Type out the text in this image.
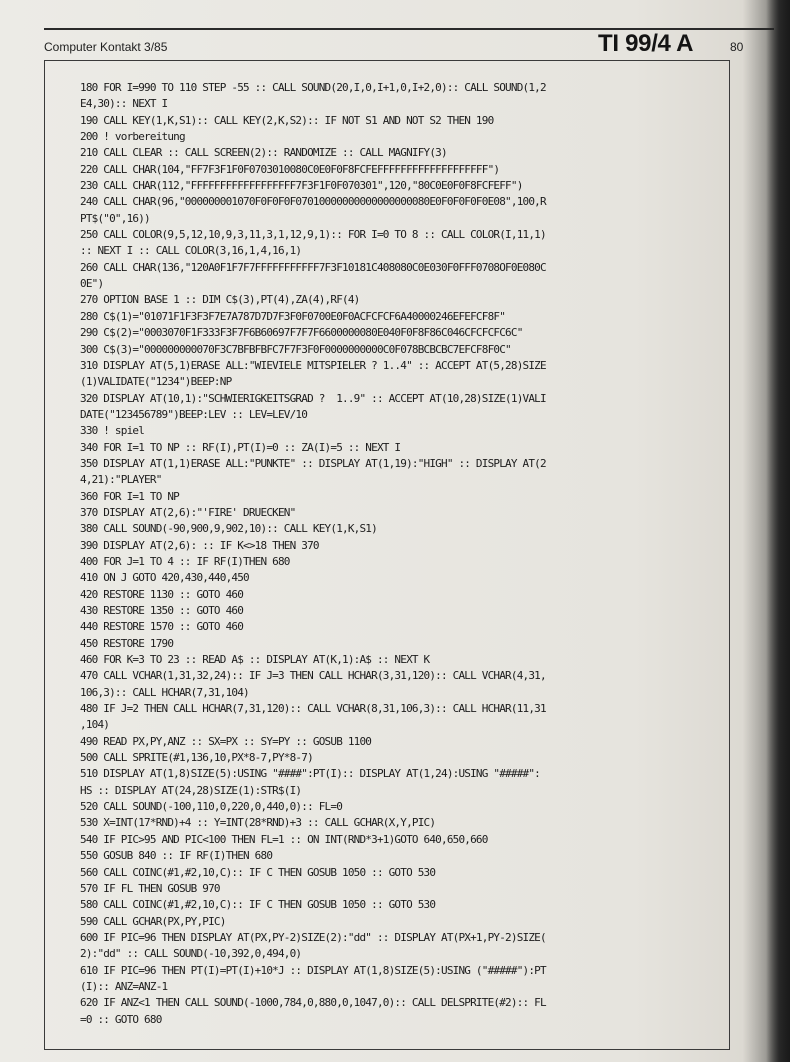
Computer Kontakt 3/85	TI 99/4 A	80
180 FOR I=990 TO 110 STEP -55 :: CALL SOUND(20,I,0,I+1,0,I+2,0):: CALL SOUND(1,2
E4,30):: NEXT I
190 CALL KEY(1,K,S1):: CALL KEY(2,K,S2):: IF NOT S1 AND NOT S2 THEN 190
200 ! vorbereitung
210 CALL CLEAR :: CALL SCREEN(2):: RANDOMIZE :: CALL MAGNIFY(3)
220 CALL CHAR(104,"FF7F3F1F0F0703010080C0E0F0F8FCFEFFFFFFFFFFFFFFFFFFF")
230 CALL CHAR(112,"FFFFFFFFFFFFFFFFFF7F3F1F0F070301",120,"80C0E0F0F8FCFEFF")
240 CALL CHAR(96,"000000001070F0F0F0F07010000000000000000080E0F0F0F0F0E08",100,R
PT$("0",16))
250 CALL COLOR(9,5,12,10,9,3,11,3,1,12,9,1):: FOR I=0 TO 8 :: CALL COLOR(I,11,1)
:: NEXT I :: CALL COLOR(3,16,1,4,16,1)
260 CALL CHAR(136,"120A0F1F7F7FFFFFFFFFFF7F3F10181C408080C0E030F0FFF0708OF0E080C
0E")
270 OPTION BASE 1 :: DIM C$(3),PT(4),ZA(4),RF(4)
280 C$(1)="01071F1F3F3F7E7A787D7D7F3F0F0700E0F0ACFCFCF6A40000246EFEFCF8F"
290 C$(2)="0003070F1F333F3F7F6B60697F7F7F6600000080E040F0F8F86C046CFCFCFC6C"
300 C$(3)="000000000070F3C7BFBFBFC7F7F3F0F0000000000C0F078BCBCBC7EFCF8F0C"
310 DISPLAY AT(5,1)ERASE ALL:"WIEVIELE MITSPIELER ? 1..4" :: ACCEPT AT(5,28)SIZE
(1)VALIDATE("1234")BEEP:NP
320 DISPLAY AT(10,1):"SCHWIERIGKEITSGRAD ?  1..9" :: ACCEPT AT(10,28)SIZE(1)VALI
DATE("123456789")BEEP:LEV :: LEV=LEV/10
330 ! spiel
340 FOR I=1 TO NP :: RF(I),PT(I)=0 :: ZA(I)=5 :: NEXT I
350 DISPLAY AT(1,1)ERASE ALL:"PUNKTE" :: DISPLAY AT(1,19):"HIGH" :: DISPLAY AT(2
4,21):"PLAYER"
360 FOR I=1 TO NP
370 DISPLAY AT(2,6):"'FIRE' DRUECKEN"
380 CALL SOUND(-90,900,9,902,10):: CALL KEY(1,K,S1)
390 DISPLAY AT(2,6): :: IF K<>18 THEN 370
400 FOR J=1 TO 4 :: IF RF(I)THEN 680
410 ON J GOTO 420,430,440,450
420 RESTORE 1130 :: GOTO 460
430 RESTORE 1350 :: GOTO 460
440 RESTORE 1570 :: GOTO 460
450 RESTORE 1790
460 FOR K=3 TO 23 :: READ A$ :: DISPLAY AT(K,1):A$ :: NEXT K
470 CALL VCHAR(1,31,32,24):: IF J=3 THEN CALL HCHAR(3,31,120):: CALL VCHAR(4,31,
106,3):: CALL HCHAR(7,31,104)
480 IF J=2 THEN CALL HCHAR(7,31,120):: CALL VCHAR(8,31,106,3):: CALL HCHAR(11,31
,104)
490 READ PX,PY,ANZ :: SX=PX :: SY=PY :: GOSUB 1100
500 CALL SPRITE(#1,136,10,PX*8-7,PY*8-7)
510 DISPLAY AT(1,8)SIZE(5):USING "####":PT(I):: DISPLAY AT(1,24):USING "#####":
HS :: DISPLAY AT(24,28)SIZE(1):STR$(I)
520 CALL SOUND(-100,110,0,220,0,440,0):: FL=0
530 X=INT(17*RND)+4 :: Y=INT(28*RND)+3 :: CALL GCHAR(X,Y,PIC)
540 IF PIC>95 AND PIC<100 THEN FL=1 :: ON INT(RND*3+1)GOTO 640,650,660
550 GOSUB 840 :: IF RF(I)THEN 680
560 CALL COINC(#1,#2,10,C):: IF C THEN GOSUB 1050 :: GOTO 530
570 IF FL THEN GOSUB 970
580 CALL COINC(#1,#2,10,C):: IF C THEN GOSUB 1050 :: GOTO 530
590 CALL GCHAR(PX,PY,PIC)
600 IF PIC=96 THEN DISPLAY AT(PX,PY-2)SIZE(2):"dd" :: DISPLAY AT(PX+1,PY-2)SIZE(
2):"dd" :: CALL SOUND(-10,392,0,494,0)
610 IF PIC=96 THEN PT(I)=PT(I)+10*J :: DISPLAY AT(1,8)SIZE(5):USING ("#####"):PT
(I):: ANZ=ANZ-1
620 IF ANZ<1 THEN CALL SOUND(-1000,784,0,880,0,1047,0):: CALL DELSPRITE(#2):: FL
=0 :: GOTO 680
